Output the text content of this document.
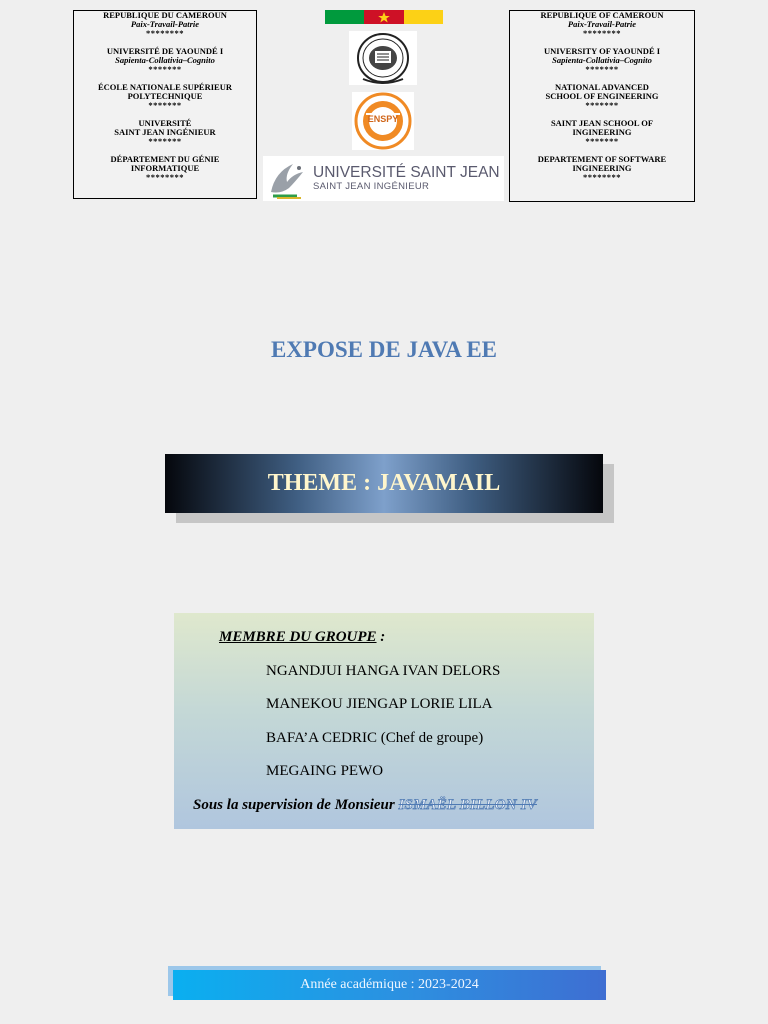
REPUBLIQUE DU CAMEROUN
Paix-Travail-Patrie
********
UNIVERSITÉ DE YAOUNDÉ I
Sapienta-Collativia–Cognito
*******
ÉCOLE NATIONALE SUPÉRIEUR
POLYTECHNIQUE
*******
UNIVERSITÉ
SAINT JEAN INGÉNIEUR
*******
DÉPARTEMENT DU GÉNIE
INFORMATIQUE
********
REPUBLIQUE OF CAMEROUN
Paix-Travail-Patrie
********
UNIVERSITY OF YAOUNDÉ I
Sapienta-Collativia–Cognito
*******
NATIONAL ADVANCED
SCHOOL OF ENGINEERING
*******
SAINT JEAN SCHOOL OF
INGINEERING
*******
DEPARTEMENT OF SOFTWARE
INGINEERING
********
ENSPY
UNIVERSITÉ SAINT JEAN
SAINT JEAN INGÉNIEUR
EXPOSE DE JAVA EE
THEME : JAVAMAIL
MEMBRE DU GROUPE :
NGANDJUI HANGA IVAN DELORS
MANEKOU JIENGAP LORIE LILA
BAFA’A CEDRIC (Chef de groupe)
MEGAING PEWO
Sous la supervision de Monsieur ISMAËL BILLON IV
Année académique : 2023-2024
